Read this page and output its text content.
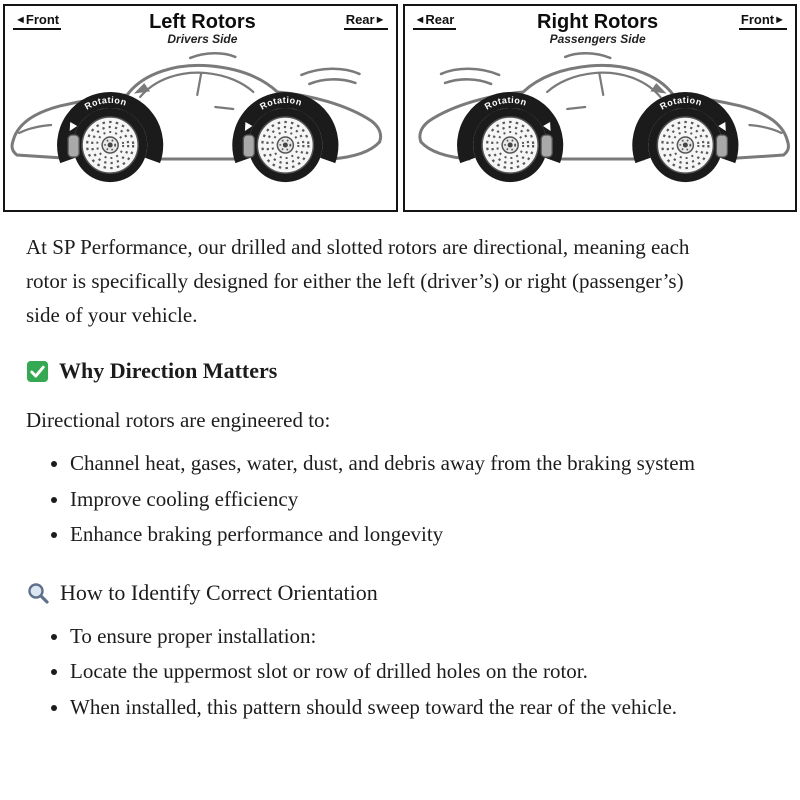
◄Front	Left Rotors
Drivers Side
Rear►
Rotation	Rotation
◄Rear	Right Rotors
Passengers Side
Front►
Rotation	Rotation

At SP Performance, our drilled and slotted rotors are directional, meaning each rotor is specifically designed for either the left (driver’s) or right (passenger’s) side of your vehicle.

Why Direction Matters

Directional rotors are engineered to:

• Channel heat, gases, water, dust, and debris away from the braking system
• Improve cooling efficiency
• Enhance braking performance and longevity
How to Identify Correct Orientation
• To ensure proper installation:
• Locate the uppermost slot or row of drilled holes on the rotor.
• When installed, this pattern should sweep toward the rear of the vehicle.
